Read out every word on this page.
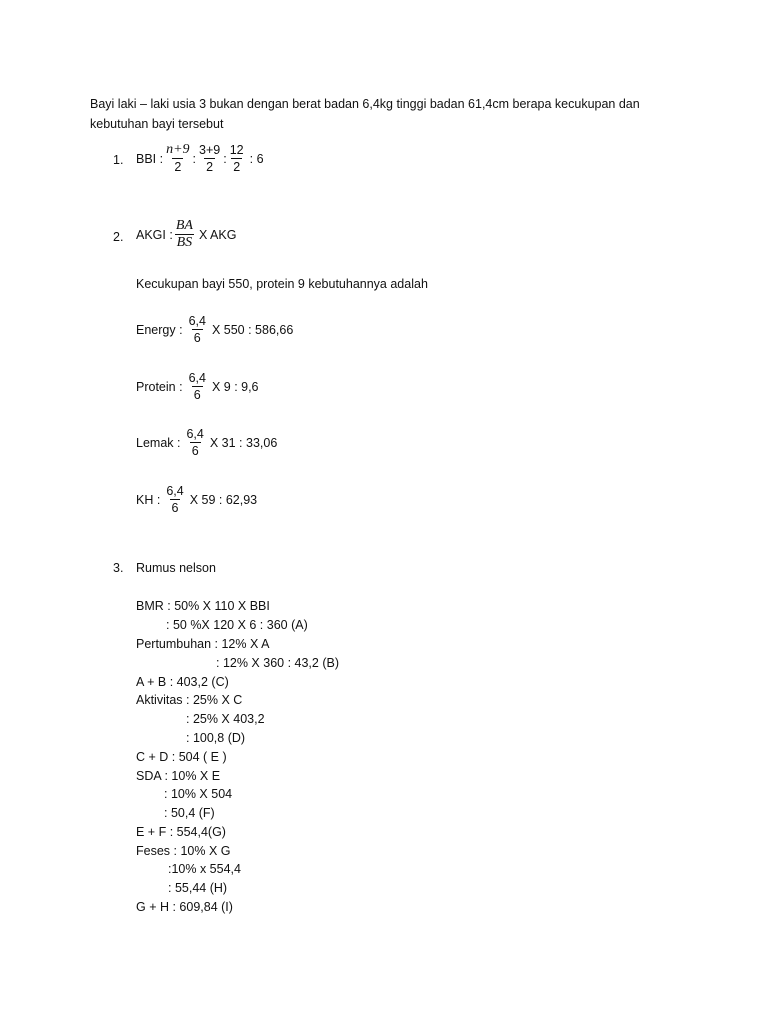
Bayi laki – laki usia 3 bukan dengan berat badan 6,4kg tinggi badan 61,4cm berapa kecukupan dan kebutuhan bayi tersebut
1. BBI : $\frac{n+9}{2}$ : $\frac{3+9}{2}$ : $\frac{12}{2}$ : 6
2. AKGI : $\frac{BA}{BS}$ X AKG
Kecukupan bayi 550, protein 9 kebutuhannya adalah
Energy : $\frac{6,4}{6}$ X 550 : 586,66
Protein : $\frac{6,4}{6}$ X 9 : 9,6
Lemak : $\frac{6,4}{6}$ X 31 : 33,06
KH : $\frac{6,4}{6}$ X 59 : 62,93
3. Rumus nelson
BMR : 50% X 110 X BBI
: 50 %X 120 X 6 : 360 (A)
Pertumbuhan : 12% X A
: 12% X 360 : 43,2 (B)
A + B : 403,2 (C)
Aktivitas : 25% X C
: 25% X 403,2
: 100,8 (D)
C + D : 504 ( E )
SDA : 10% X E
: 10% X 504
: 50,4 (F)
E + F : 554,4(G)
Feses : 10% X G
:10% x 554,4
: 55,44 (H)
G + H : 609,84 (I)
